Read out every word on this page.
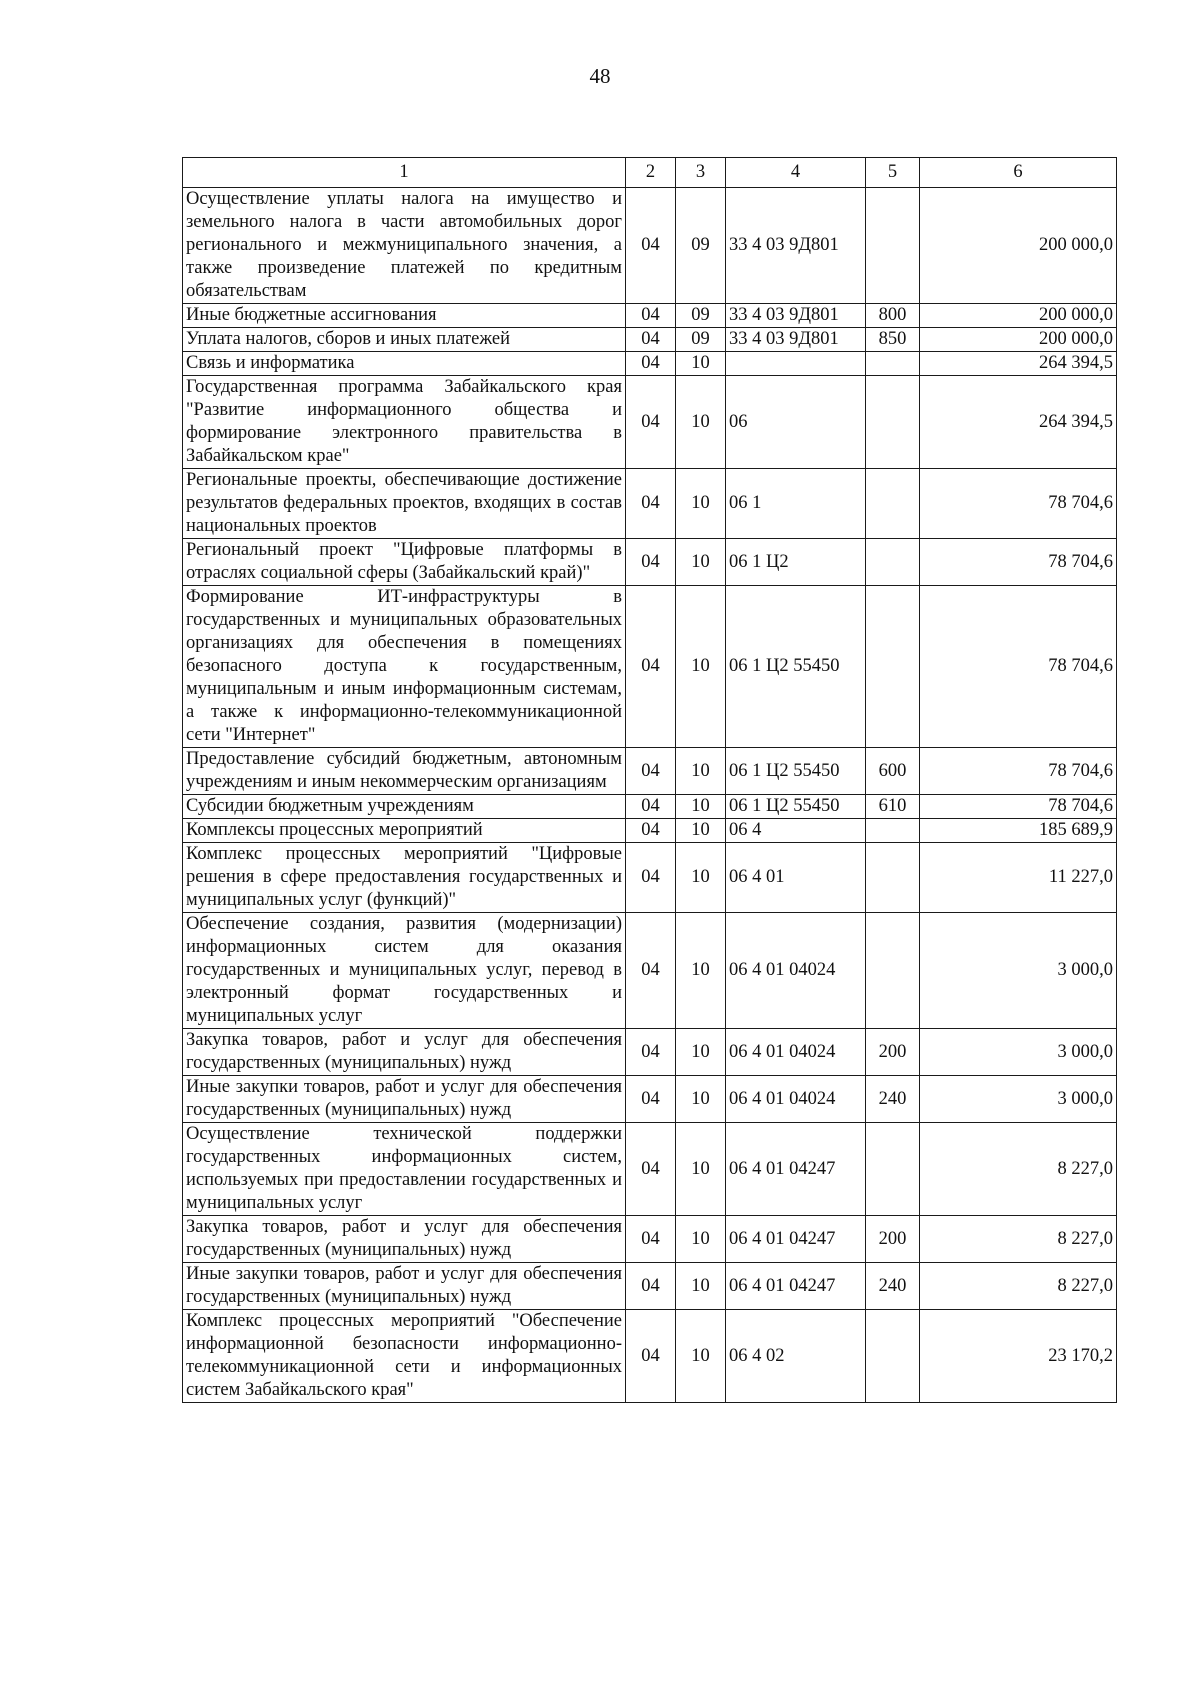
48
1	2	3	4	5	6
Осуществление уплаты налога на имущество и земельного налога в части автомобильных дорог регионального и межмуниципального значения, а также произведение платежей по кредитным обязательствам	04	09	33 4 03 9Д801		200 000,0
Иные бюджетные ассигнования	04	09	33 4 03 9Д801	800	200 000,0
Уплата налогов, сборов и иных платежей	04	09	33 4 03 9Д801	850	200 000,0
Связь и информатика	04	10			264 394,5
Государственная программа Забайкальского края "Развитие информационного общества и формирование электронного правительства в Забайкальском крае"	04	10	06		264 394,5
Региональные проекты, обеспечивающие достижение результатов федеральных проектов, входящих в состав национальных проектов	04	10	06 1		78 704,6
Региональный проект "Цифровые платформы в отраслях социальной сферы (Забайкальский край)"	04	10	06 1 Ц2		78 704,6
Формирование ИТ-инфраструктуры в государственных и муниципальных образовательных организациях для обеспечения в помещениях безопасного доступа к государственным, муниципальным и иным информационным системам, а также к информационно-телекоммуникационной сети "Интернет"	04	10	06 1 Ц2 55450		78 704,6
Предоставление субсидий бюджетным, автономным учреждениям и иным некоммерческим организациям	04	10	06 1 Ц2 55450	600	78 704,6
Субсидии бюджетным учреждениям	04	10	06 1 Ц2 55450	610	78 704,6
Комплексы процессных мероприятий	04	10	06 4		185 689,9
Комплекс процессных мероприятий "Цифровые решения в сфере предоставления государственных и муниципальных услуг (функций)"	04	10	06 4 01		11 227,0
Обеспечение создания, развития (модернизации) информационных систем для оказания государственных и муниципальных услуг, перевод в электронный формат государственных и муниципальных услуг	04	10	06 4 01 04024		3 000,0
Закупка товаров, работ и услуг для обеспечения государственных (муниципальных) нужд	04	10	06 4 01 04024	200	3 000,0
Иные закупки товаров, работ и услуг для обеспечения государственных (муниципальных) нужд	04	10	06 4 01 04024	240	3 000,0
Осуществление технической поддержки государственных информационных систем, используемых при предоставлении государственных и муниципальных услуг	04	10	06 4 01 04247		8 227,0
Закупка товаров, работ и услуг для обеспечения государственных (муниципальных) нужд	04	10	06 4 01 04247	200	8 227,0
Иные закупки товаров, работ и услуг для обеспечения государственных (муниципальных) нужд	04	10	06 4 01 04247	240	8 227,0
Комплекс процессных мероприятий "Обеспечение информационной безопасности информационно-телекоммуникационной сети и информационных систем Забайкальского края"	04	10	06 4 02		23 170,2
